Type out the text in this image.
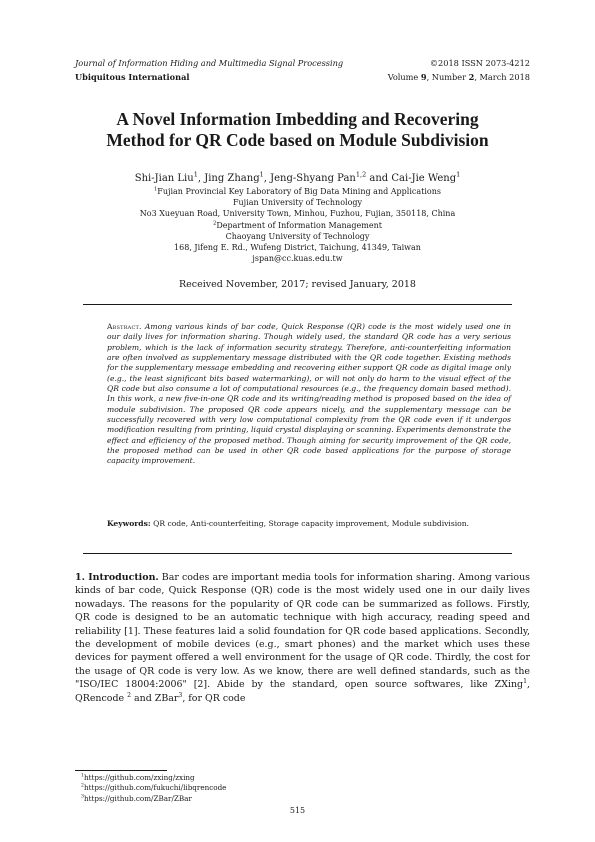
Journal of Information Hiding and Multimedia Signal Processing	©2018 ISSN 2073-4212
Ubiquitous International	Volume 9, Number 2, March 2018
A Novel Information Imbedding and Recovering
Method for QR Code based on Module Subdivision
Shi-Jian Liu$^1$, Jing Zhang$^1$, Jeng-Shyang Pan$^{1,2}$ and Cai-Jie Weng$^1$
$^1$Fujian Provincial Key Laboratory of Big Data Mining and Applications
Fujian University of Technology
No3 Xueyuan Road, University Town, Minhou, Fuzhou, Fujian, 350118, China
$^2$Department of Information Management
Chaoyang University of Technology
168, Jifeng E. Rd., Wufeng District, Taichung, 41349, Taiwan
jspan@cc.kuas.edu.tw
Received November, 2017; revised January, 2018
Abstract. Among various kinds of bar code, Quick Response (QR) code is the most widely used one in our daily lives for information sharing. Though widely used, the standard QR code has a very serious problem, which is the lack of information security strategy. Therefore, anti-counterfeiting information are often involved as supplementary message distributed with the QR code together. Existing methods for the supplementary message embedding and recovering either support QR code as digital image only (e.g., the least significant bits based watermarking), or will not only do harm to the visual effect of the QR code but also consume a lot of computational resources (e.g., the frequency domain based method). In this work, a new five-in-one QR code and its writing/reading method is proposed based on the idea of module subdivision. The proposed QR code appears nicely, and the supplementary message can be successfully recovered with very low computational complexity from the QR code even if it undergos modification resulting from printing, liquid crystal displaying or scanning. Experiments demonstrate the effect and efficiency of the proposed method. Though aiming for security improvement of the QR code, the proposed method can be used in other QR code based applications for the purpose of storage capacity improvement.
Keywords: QR code, Anti-counterfeiting, Storage capacity improvement, Module subdivision.
1. Introduction. Bar codes are important media tools for information sharing. Among various kinds of bar code, Quick Response (QR) code is the most widely used one in our daily lives nowadays. The reasons for the popularity of QR code can be summarized as follows. Firstly, QR code is designed to be an automatic technique with high accuracy, reading speed and reliability [1]. These features laid a solid foundation for QR code based applications. Secondly, the development of mobile devices (e.g., smart phones) and the market which uses these devices for payment offered a well environment for the usage of QR code. Thirdly, the cost for the usage of QR code is very low. As we know, there are well defined standards, such as the "ISO/IEC 18004:2006" [2]. Abide by the standard, open source softwares, like ZXing$^1$, QRencode $^2$ and ZBar$^3$, for QR code
$^1$https://github.com/zxing/zxing
$^2$https://github.com/fukuchi/libqrencode
$^3$https://github.com/ZBar/ZBar
515
